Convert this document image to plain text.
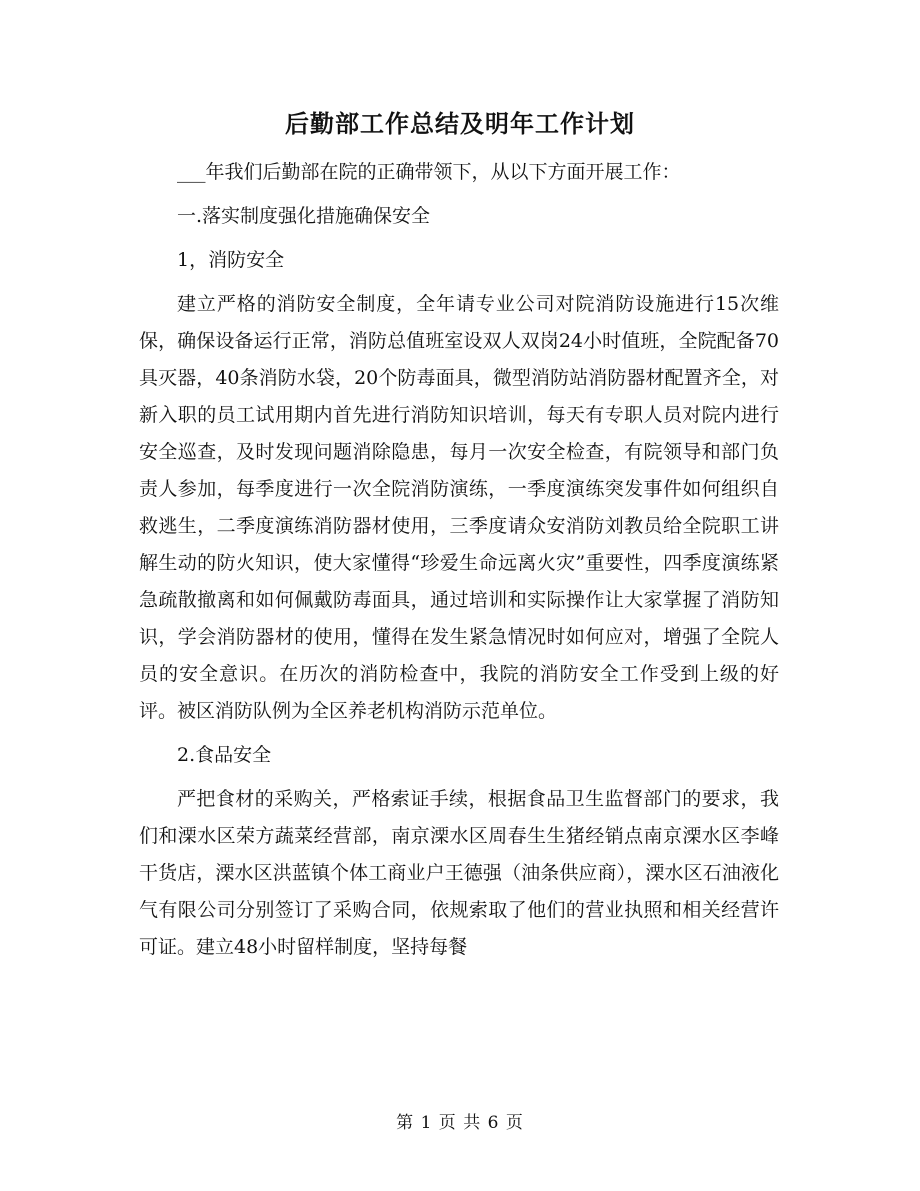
后勤部工作总结及明年工作计划

___年我们后勤部在院的正确带领下，从以下方面开展工作：

一.落实制度强化措施确保安全

1，消防安全

建立严格的消防安全制度，全年请专业公司对院消防设施进行15次维保，确保设备运行正常，消防总值班室设双人双岗24小时值班，全院配备70具灭器，40条消防水袋，20个防毒面具，微型消防站消防器材配置齐全，对新入职的员工试用期内首先进行消防知识培训，每天有专职人员对院内进行安全巡查，及时发现问题消除隐患，每月一次安全检查，有院领导和部门负责人参加，每季度进行一次全院消防演练，一季度演练突发事件如何组织自救逃生，二季度演练消防器材使用，三季度请众安消防刘教员给全院职工讲解生动的防火知识，使大家懂得“珍爱生命远离火灾”重要性，四季度演练紧急疏散撤离和如何佩戴防毒面具，通过培训和实际操作让大家掌握了消防知识，学会消防器材的使用，懂得在发生紧急情况时如何应对，增强了全院人员的安全意识。在历次的消防检查中，我院的消防安全工作受到上级的好评。被区消防队例为全区养老机构消防示范单位。

2.食品安全

严把食材的采购关，严格索证手续，根据食品卫生监督部门的要求，我们和溧水区荣方蔬菜经营部，南京溧水区周春生生猪经销点南京溧水区李峰干货店，溧水区洪蓝镇个体工商业户王德强（油条供应商），溧水区石油液化气有限公司分别签订了采购合同，依规索取了他们的营业执照和相关经营许可证。建立48小时留样制度，坚持每餐

第 1 页 共 6 页
